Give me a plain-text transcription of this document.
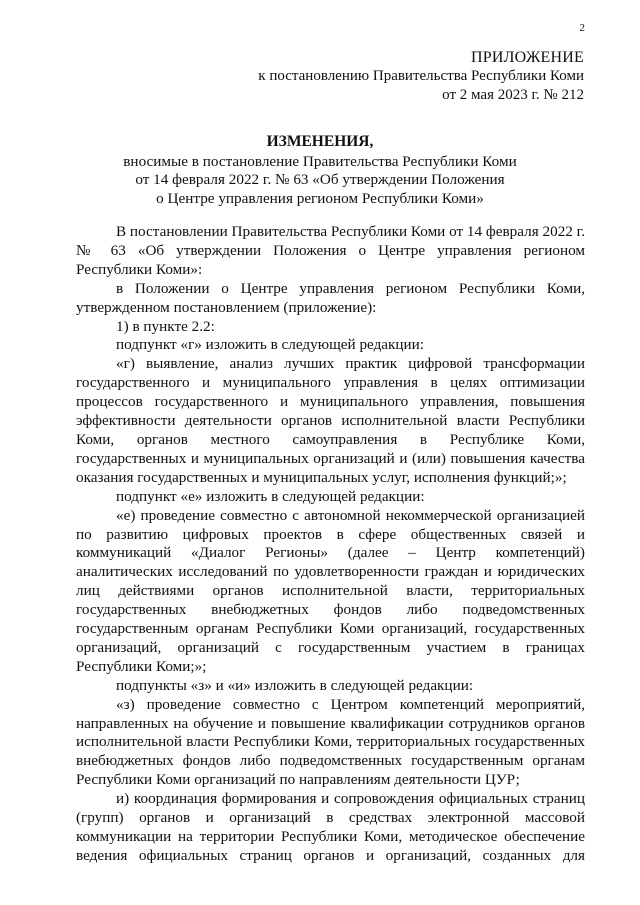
2
ПРИЛОЖЕНИЕ
к постановлению Правительства Республики Коми
от 2 мая 2023 г. № 212
ИЗМЕНЕНИЯ,
вносимые в постановление Правительства Республики Коми
от 14 февраля 2022 г. № 63 «Об утверждении Положения
о Центре управления регионом Республики Коми»

В постановлении Правительства Республики Коми от 14 февраля 2022 г. № 63 «Об утверждении Положения о Центре управления регионом Республики Коми»:

в Положении о Центре управления регионом Республики Коми, утвержденном постановлением (приложение):

1) в пункте 2.2:

подпункт «г» изложить в следующей редакции:

«г) выявление, анализ лучших практик цифровой трансформации государственного и муниципального управления в целях оптимизации процессов государственного и муниципального управления, повышения эффективности деятельности органов исполнительной власти Республики Коми, органов местного самоуправления в Республике Коми, государственных и муниципальных организаций и (или) повышения качества оказания государственных и муниципальных услуг, исполнения функций;»;

подпункт «е» изложить в следующей редакции:

«е) проведение совместно с автономной некоммерческой организацией по развитию цифровых проектов в сфере общественных связей и коммуникаций «Диалог Регионы» (далее – Центр компетенций) аналитических исследований по удовлетворенности граждан и юридических лиц действиями органов исполнительной власти, территориальных государственных внебюджетных фондов либо подведомственных государственным органам Республики Коми организаций, государственных организаций, организаций с государственным участием в границах Республики Коми;»;

подпункты «з» и «и» изложить в следующей редакции:

«з) проведение совместно с Центром компетенций мероприятий, направленных на обучение и повышение квалификации сотрудников органов исполнительной власти Республики Коми, территориальных государственных внебюджетных фондов либо подведомственных государственным органам Республики Коми организаций по направлениям деятельности ЦУР;

и) координация формирования и сопровождения официальных страниц (групп) органов и организаций в средствах электронной массовой коммуникации на территории Республики Коми, методическое обеспечение ведения официальных страниц органов и организаций, созданных для
